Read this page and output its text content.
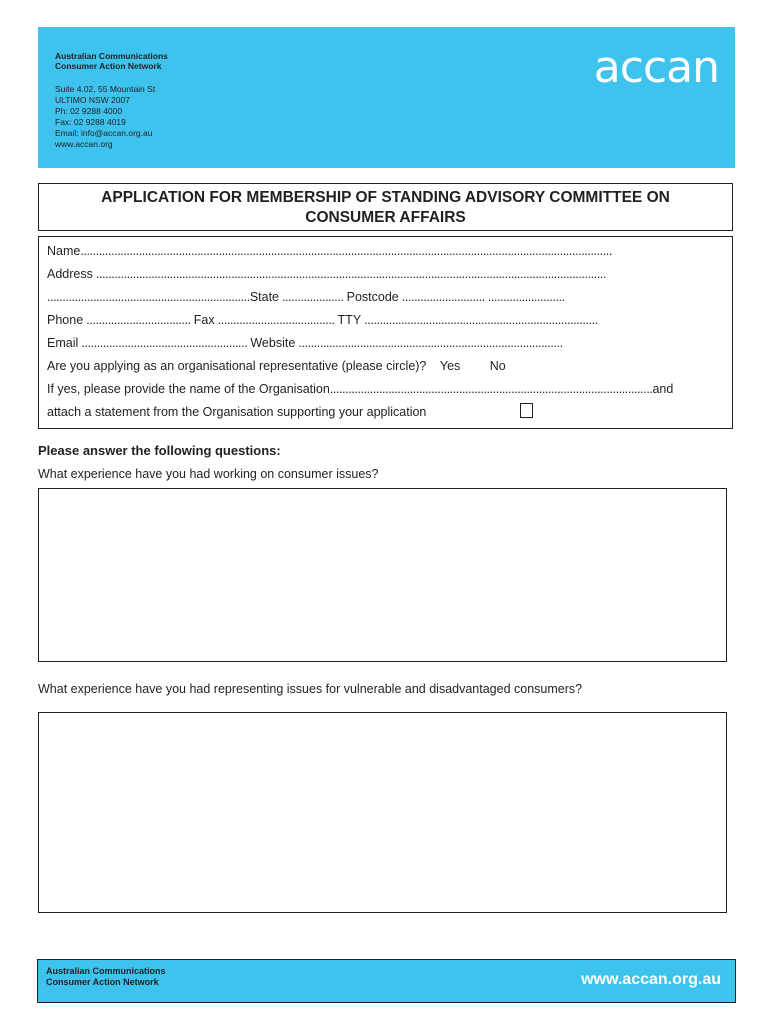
Australian Communications
Consumer Action Network
Suite 4.02, 55 Mountain St
ULTIMO NSW 2007
Ph: 02 9288 4000
Fax: 02 9288 4019
Email: info@accan.org.au
www.accan.org
accan
APPLICATION FOR MEMBERSHIP OF STANDING ADVISORY COMMITTEE ON
CONSUMER AFFAIRS
Name.............................................................................................................................................................................
Address ......................................................................................................................................................................
..................................................................State .................... Postcode ........................... .........................
Phone .................................. Fax ...................................... TTY ............................................................................
Email ...................................................... Website ......................................................................................
Are you applying as an organisational representative (please circle)? Yes No
If yes, please provide the name of the Organisation.........................................................................................................and
attach a statement from the Organisation supporting your application
Please answer the following questions:
What experience have you had working on consumer issues?
What experience have you had representing issues for vulnerable and disadvantaged consumers?
Australian Communications
Consumer Action Network	www.accan.org.au
